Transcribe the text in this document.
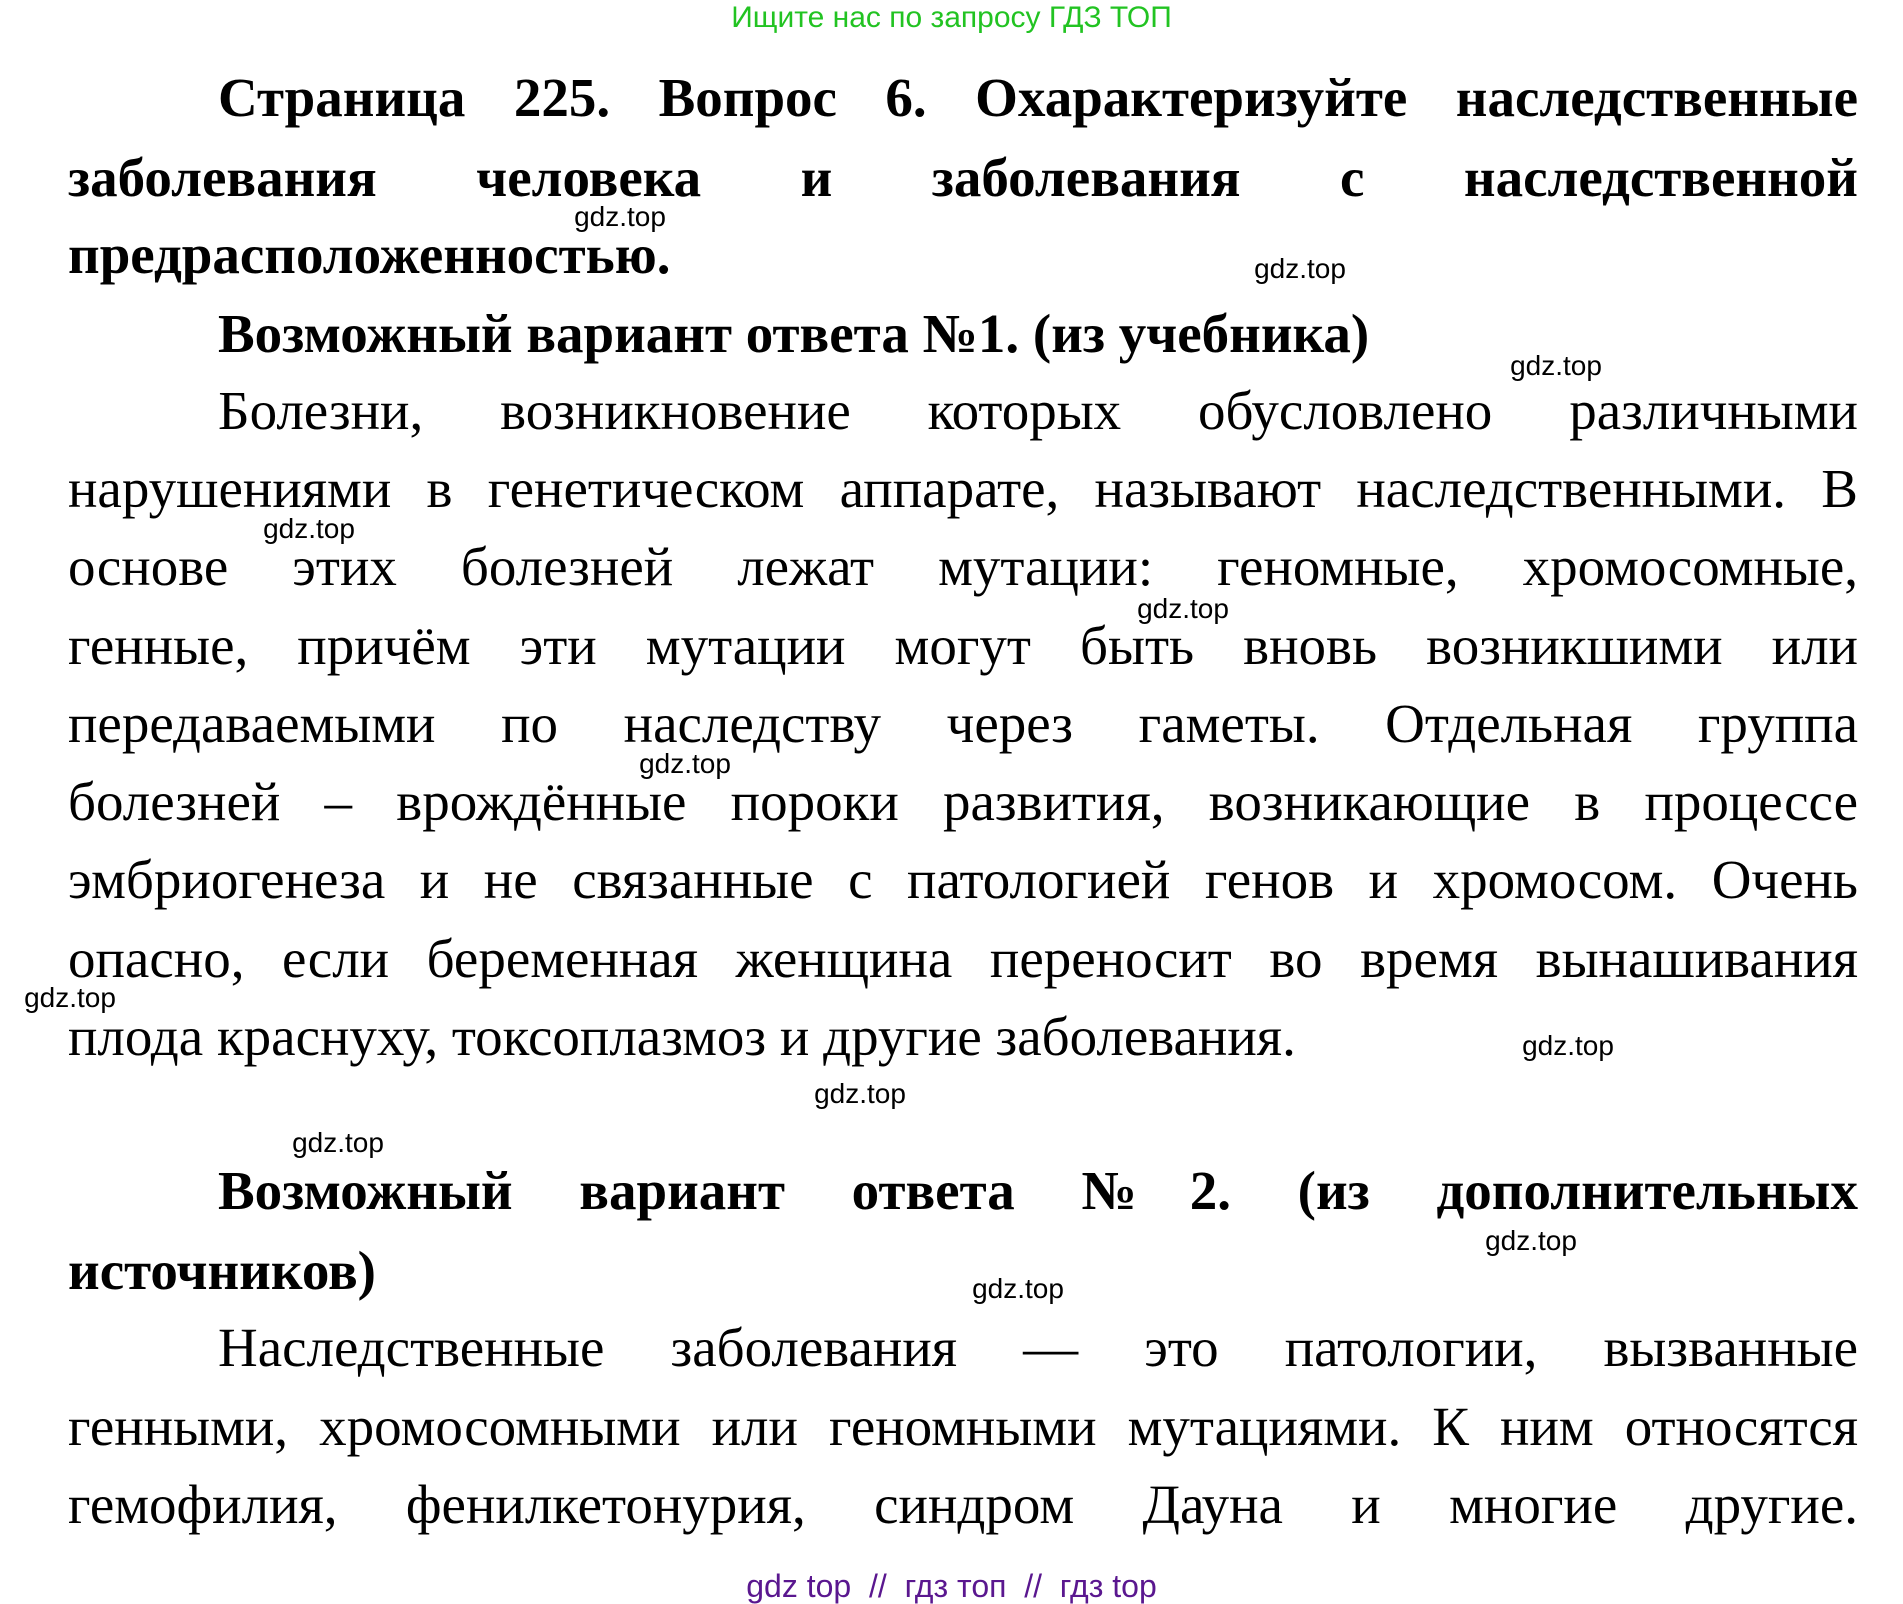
Ищите нас по запросу ГДЗ ТОП
Страница 225. Вопрос 6. Охарактеризуйте наследственные
заболевания человека и заболевания с наследственной
предрасположенностью.
Возможный вариант ответа №1. (из учебника)
Болезни, возникновение которых обусловлено различными
нарушениями в генетическом аппарате, называют наследственными. В
основе этих болезней лежат мутации: геномные, хромосомные,
генные, причём эти мутации могут быть вновь возникшими или
передаваемыми по наследству через гаметы. Отдельная группа
болезней – врождённые пороки развития, возникающие в процессе
эмбриогенеза и не связанные с патологией генов и хромосом. Очень
опасно, если беременная женщина переносит во время вынашивания
плода краснуху, токсоплазмоз и другие заболевания.
Возможный вариант ответа №2. (из дополнительных
источников)
Наследственные заболевания — это патологии, вызванные
генными, хромосомными или геномными мутациями. К ним относятся
гемофилия, фенилкетонурия, синдром Дауна и многие другие.
gdz.top
gdz.top
gdz.top
gdz.top
gdz.top
gdz.top
gdz.top
gdz.top
gdz.top
gdz.top
gdz.top
gdz.top
gdz top  //  гдз топ  //  гдз top
